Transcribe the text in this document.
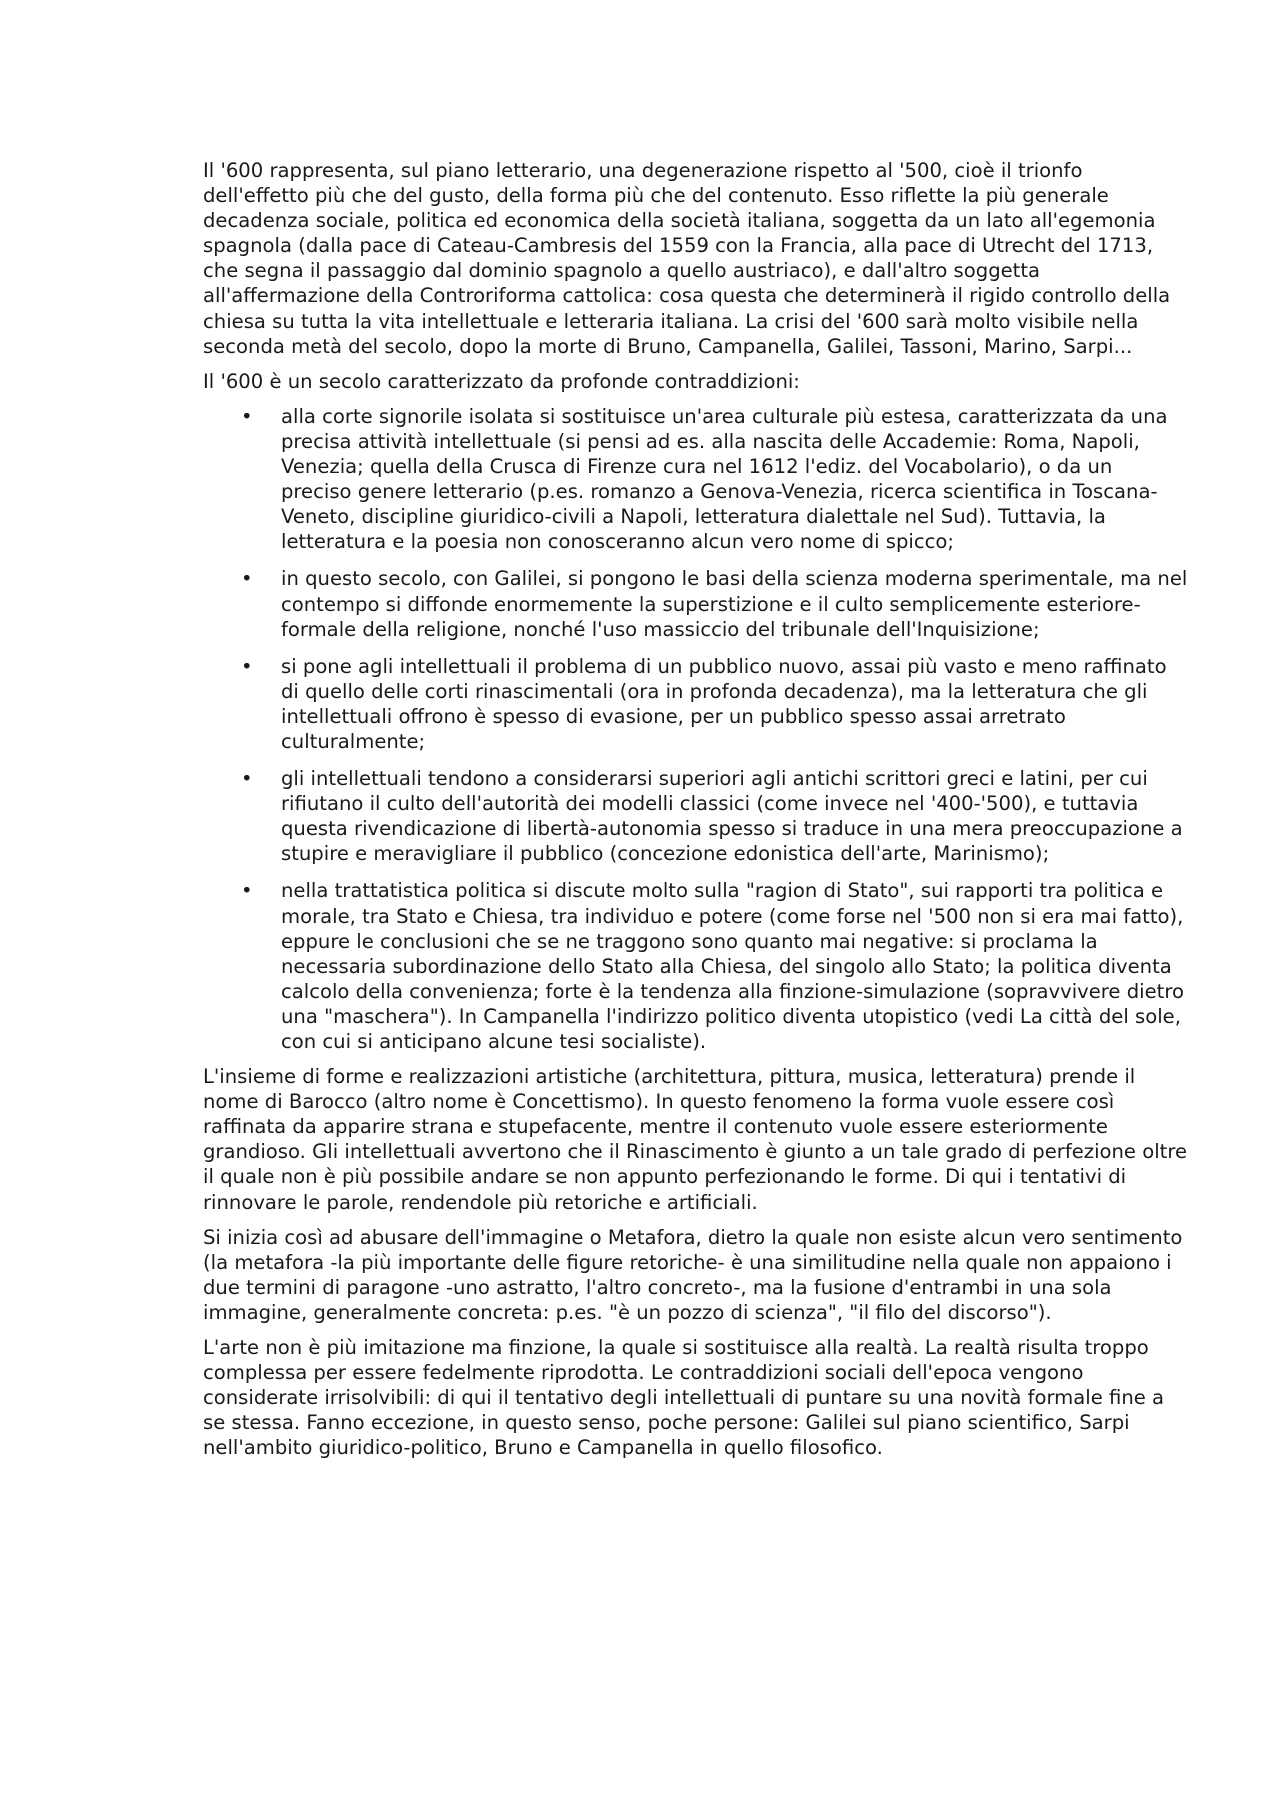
Il '600 rappresenta, sul piano letterario, una degenerazione rispetto al '500, cioè il trionfo dell'effetto più che del gusto, della forma più che del contenuto. Esso riflette la più generale decadenza sociale, politica ed economica della società italiana, soggetta da un lato all'egemonia spagnola (dalla pace di Cateau-Cambresis del 1559 con la Francia, alla pace di Utrecht del 1713, che segna il passaggio dal dominio spagnolo a quello austriaco), e dall'altro soggetta all'affermazione della Controriforma cattolica: cosa questa che determinerà il rigido controllo della chiesa su tutta la vita intellettuale e letteraria italiana. La crisi del '600 sarà molto visibile nella seconda metà del secolo, dopo la morte di Bruno, Campanella, Galilei, Tassoni, Marino, Sarpi...

Il '600 è un secolo caratterizzato da profonde contraddizioni:

• alla corte signorile isolata si sostituisce un'area culturale più estesa, caratterizzata da una precisa attività intellettuale (si pensi ad es. alla nascita delle Accademie: Roma, Napoli, Venezia; quella della Crusca di Firenze cura nel 1612 l'ediz. del Vocabolario), o da un preciso genere letterario (p.es. romanzo a Genova-Venezia, ricerca scientifica in Toscana-Veneto, discipline giuridico-civili a Napoli, letteratura dialettale nel Sud). Tuttavia, la letteratura e la poesia non conosceranno alcun vero nome di spicco;
• in questo secolo, con Galilei, si pongono le basi della scienza moderna sperimentale, ma nel contempo si diffonde enormemente la superstizione e il culto semplicemente esteriore-formale della religione, nonché l'uso massiccio del tribunale dell'Inquisizione;
• si pone agli intellettuali il problema di un pubblico nuovo, assai più vasto e meno raffinato di quello delle corti rinascimentali (ora in profonda decadenza), ma la letteratura che gli intellettuali offrono è spesso di evasione, per un pubblico spesso assai arretrato culturalmente;
• gli intellettuali tendono a considerarsi superiori agli antichi scrittori greci e latini, per cui rifiutano il culto dell'autorità dei modelli classici (come invece nel '400-'500), e tuttavia questa rivendicazione di libertà-autonomia spesso si traduce in una mera preoccupazione a stupire e meravigliare il pubblico (concezione edonistica dell'arte, Marinismo);
• nella trattatistica politica si discute molto sulla "ragion di Stato", sui rapporti tra politica e morale, tra Stato e Chiesa, tra individuo e potere (come forse nel '500 non si era mai fatto), eppure le conclusioni che se ne traggono sono quanto mai negative: si proclama la necessaria subordinazione dello Stato alla Chiesa, del singolo allo Stato; la politica diventa calcolo della convenienza; forte è la tendenza alla finzione-simulazione (sopravvivere dietro una "maschera"). In Campanella l'indirizzo politico diventa utopistico (vedi La città del sole, con cui si anticipano alcune tesi socialiste).

L'insieme di forme e realizzazioni artistiche (architettura, pittura, musica, letteratura) prende il nome di Barocco (altro nome è Concettismo). In questo fenomeno la forma vuole essere così raffinata da apparire strana e stupefacente, mentre il contenuto vuole essere esteriormente grandioso. Gli intellettuali avvertono che il Rinascimento è giunto a un tale grado di perfezione oltre il quale non è più possibile andare se non appunto perfezionando le forme. Di qui i tentativi di rinnovare le parole, rendendole più retoriche e artificiali.

Si inizia così ad abusare dell'immagine o Metafora, dietro la quale non esiste alcun vero sentimento (la metafora -la più importante delle figure retoriche- è una similitudine nella quale non appaiono i due termini di paragone -uno astratto, l'altro concreto-, ma la fusione d'entrambi in una sola immagine, generalmente concreta: p.es. "è un pozzo di scienza", "il filo del discorso").

L'arte non è più imitazione ma finzione, la quale si sostituisce alla realtà. La realtà risulta troppo complessa per essere fedelmente riprodotta. Le contraddizioni sociali dell'epoca vengono considerate irrisolvibili: di qui il tentativo degli intellettuali di puntare su una novità formale fine a se stessa. Fanno eccezione, in questo senso, poche persone: Galilei sul piano scientifico, Sarpi nell'ambito giuridico-politico, Bruno e Campanella in quello filosofico.
